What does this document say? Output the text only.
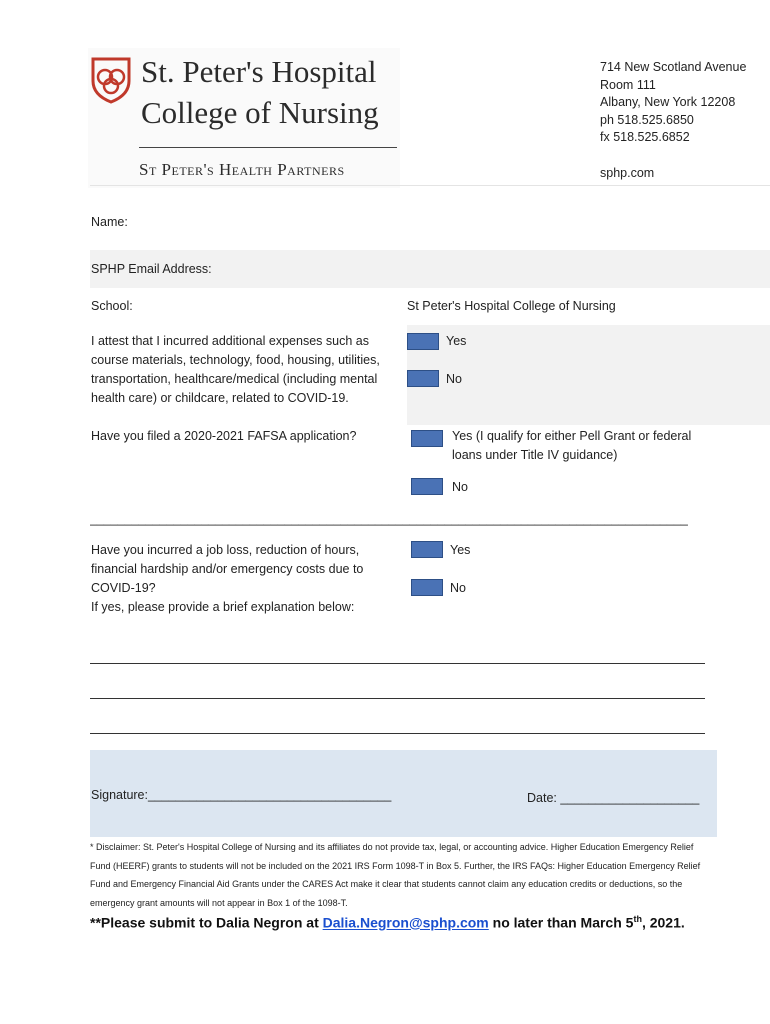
St. Peter's Hospital
College of Nursing
St Peter's Health Partners
714 New Scotland Avenue
Room 111
Albany, New York 12208
ph 518.525.6850
fx 518.525.6852
sphp.com
Name:
SPHP Email Address:
School:	St Peter's Hospital College of Nursing
I attest that I incurred additional expenses such as course materials, technology, food, housing, utilities, transportation, healthcare/medical (including mental health care) or childcare, related to COVID-19.
Yes
No
Have you filed a 2020-2021 FAFSA application?	Yes (I qualify for either Pell Grant or federal loans under Title IV guidance)
No
______________________________________________________________________________________
Have you incurred a job loss, reduction of hours,
financial hardship and/or emergency costs due to
COVID-19?
If yes, please provide a brief explanation below:
Yes
No
Signature:___________________________________	Date: ____________________
* Disclaimer: St. Peter's Hospital College of Nursing and its affiliates do not provide tax, legal, or accounting advice. Higher Education Emergency Relief Fund (HEERF) grants to students will not be included on the 2021 IRS Form 1098-T in Box 5. Further, the IRS FAQs: Higher Education Emergency Relief Fund and Emergency Financial Aid Grants under the CARES Act make it clear that students cannot claim any education credits or deductions, so the emergency grant amounts will not appear in Box 1 of the 1098-T.
**Please submit to Dalia Negron at Dalia.Negron@sphp.com no later than March 5th, 2021.
